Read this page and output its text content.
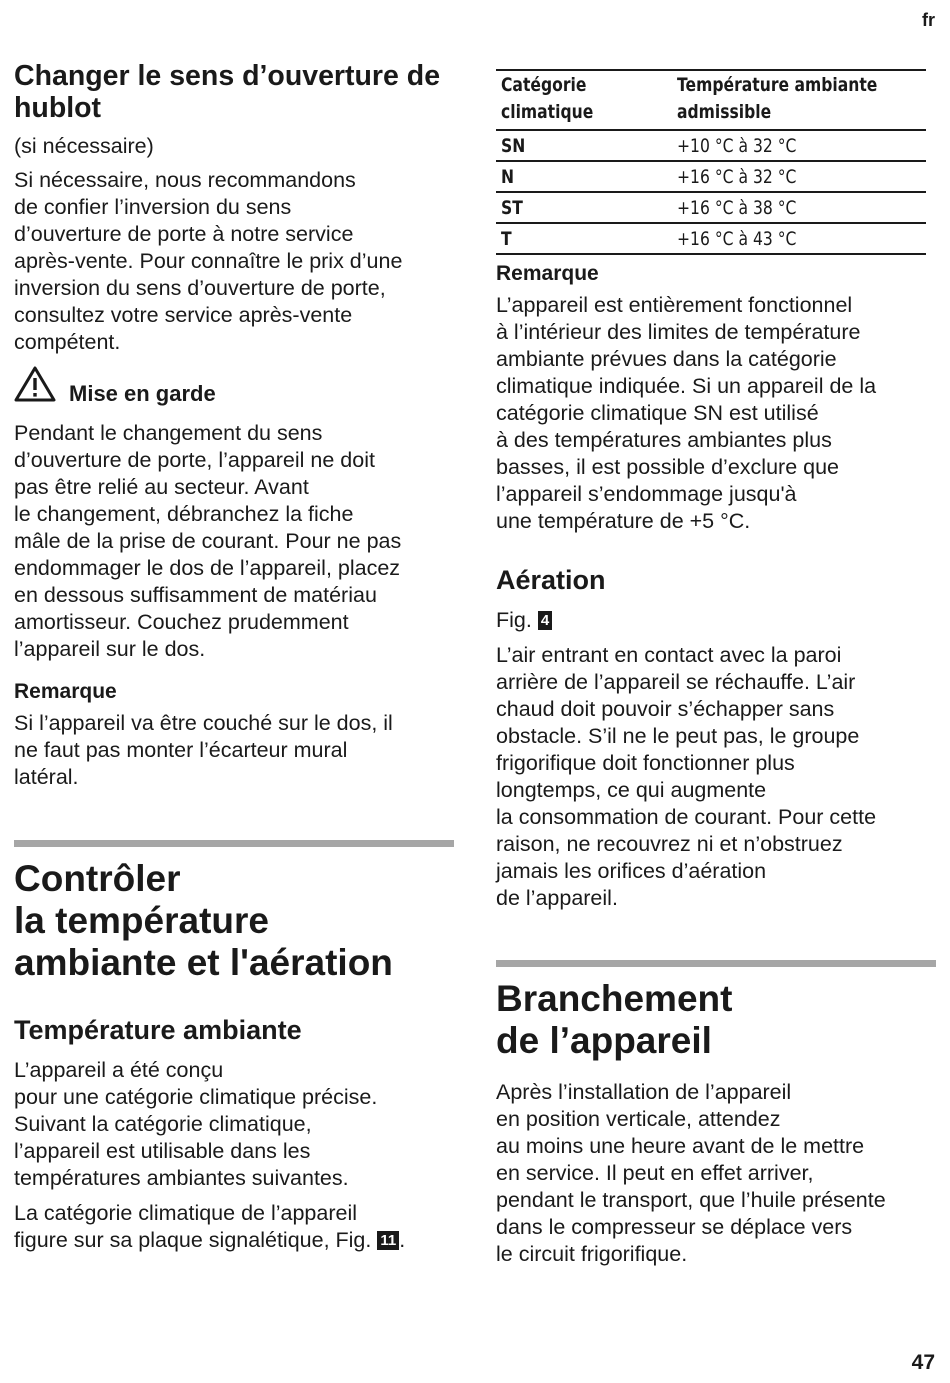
fr
Changer le sens d’ouverture de hublot

(si nécessaire)

Si nécessaire, nous recommandons
de confier l’inversion du sens
d’ouverture de porte à notre service
après-vente. Pour connaître le prix d’une
inversion du sens d’ouverture de porte,
consultez votre service après-vente
compétent.
Mise en garde
Pendant le changement du sens
d’ouverture de porte, l’appareil ne doit
pas être relié au secteur. Avant
le changement, débranchez la fiche
mâle de la prise de courant. Pour ne pas
endommager le dos de l’appareil, placez
en dessous suffisamment de matériau
amortisseur. Couchez prudemment
l’appareil sur le dos.
Remarque
Si l’appareil va être couché sur le dos, il
ne faut pas monter l’écarteur mural
latéral.
Contrôler
la température
ambiante et l'aération
Température ambiante
L’appareil a été conçu
pour une catégorie climatique précise.
Suivant la catégorie climatique,
l’appareil est utilisable dans les
températures ambiantes suivantes.
La catégorie climatique de l’appareil
figure sur sa plaque signalétique, Fig. 11 .
Catégorie
climatique	Température ambiante
admissible
SN	+10 °C à 32 °C
N	+16 °C à 32 °C
ST	+16 °C à 38 °C
T	+16 °C à 43 °C
Remarque
L’appareil est entièrement fonctionnel
à l’intérieur des limites de température
ambiante prévues dans la catégorie
climatique indiquée. Si un appareil de la
catégorie climatique SN est utilisé
à des températures ambiantes plus
basses, il est possible d’exclure que
l’appareil s’endommage jusqu'à
une température de +5 °C.
Aération
Fig. 4
L’air entrant en contact avec la paroi
arrière de l’appareil se réchauffe. L’air
chaud doit pouvoir s’échapper sans
obstacle. S’il ne le peut pas, le groupe
frigorifique doit fonctionner plus
longtemps, ce qui augmente
la consommation de courant. Pour cette
raison, ne recouvrez ni et n’obstruez
jamais les orifices d’aération
de l’appareil.
Branchement
de l’appareil
Après l’installation de l’appareil
en position verticale, attendez
au moins une heure avant de le mettre
en service. Il peut en effet arriver,
pendant le transport, que l’huile présente
dans le compresseur se déplace vers
le circuit frigorifique.
47
